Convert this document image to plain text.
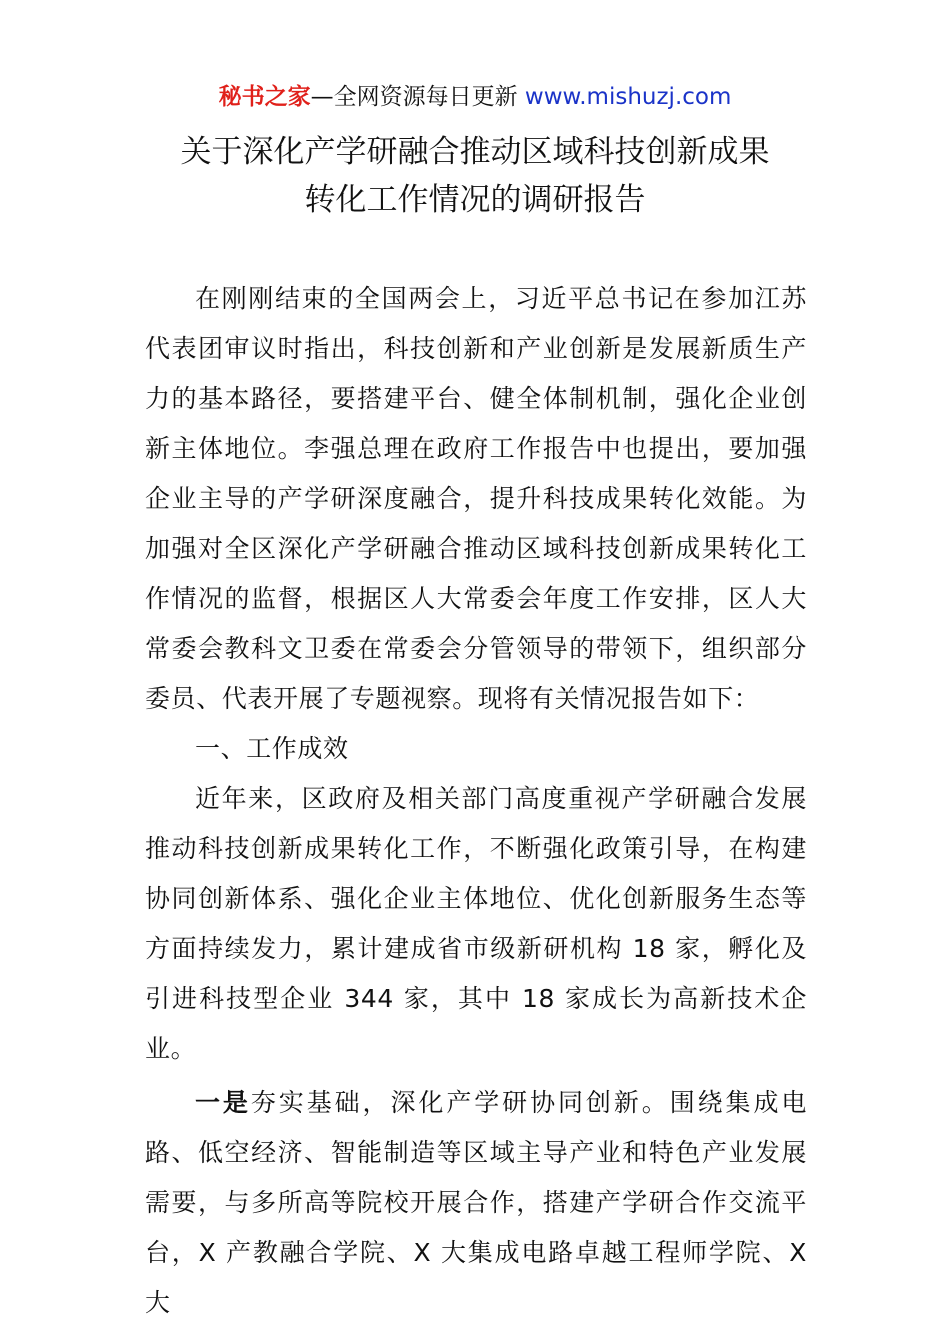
秘书之家—全网资源每日更新 www.mishuzj.com
关于深化产学研融合推动区域科技创新成果
转化工作情况的调研报告

在刚刚结束的全国两会上，习近平总书记在参加江苏代表团审议时指出，科技创新和产业创新是发展新质生产力的基本路径，要搭建平台、健全体制机制，强化企业创新主体地位。李强总理在政府工作报告中也提出，要加强企业主导的产学研深度融合，提升科技成果转化效能。为加强对全区深化产学研融合推动区域科技创新成果转化工作情况的监督，根据区人大常委会年度工作安排，区人大常委会教科文卫委在常委会分管领导的带领下，组织部分委员、代表开展了专题视察。现将有关情况报告如下：

一、工作成效

近年来，区政府及相关部门高度重视产学研融合发展推动科技创新成果转化工作，不断强化政策引导，在构建协同创新体系、强化企业主体地位、优化创新服务生态等方面持续发力，累计建成省市级新研机构 18 家，孵化及引进科技型企业 344 家，其中 18 家成长为高新技术企业。

一是夯实基础，深化产学研协同创新。围绕集成电路、低空经济、智能制造等区域主导产业和特色产业发展需要，与多所高等院校开展合作，搭建产学研合作交流平台，X 产教融合学院、X 大集成电路卓越工程师学院、X 大
